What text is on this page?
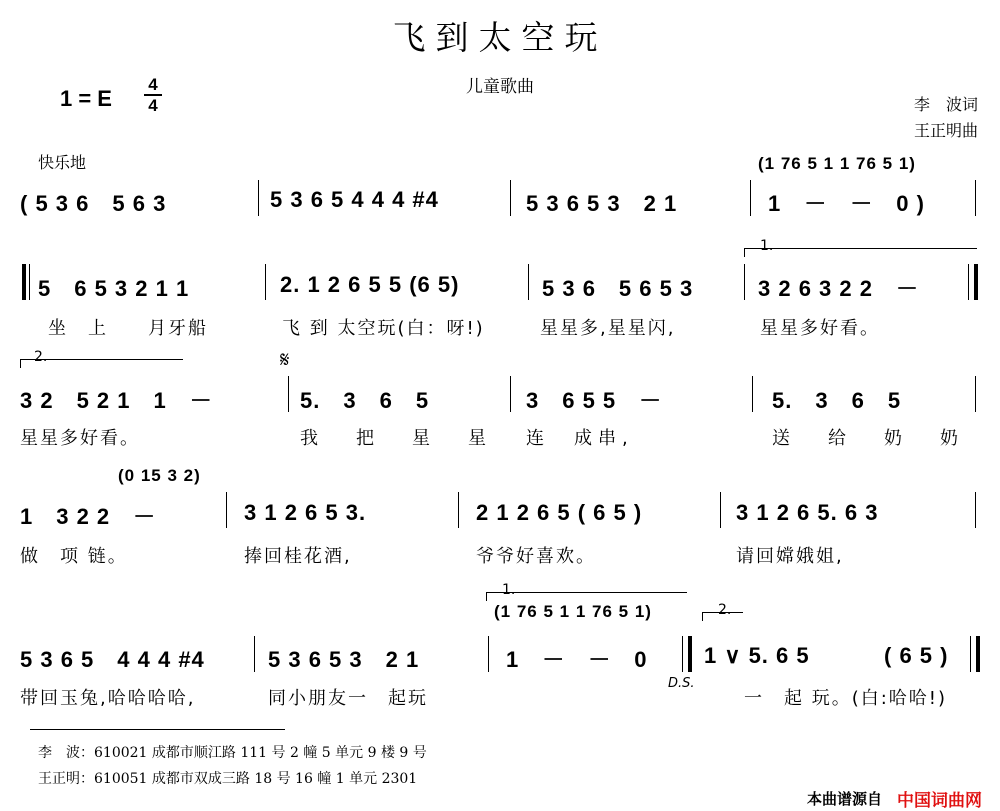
飞到太空玩
儿童歌曲
1 = E
4
4	李　波词
王正明曲
快乐地	(1 76 5 1 1 76 5 1)
( 5 3 6　5 6 3	5 3 6 5 4 4 4 #4	5 3 6 5 3　2 1	1　－　－　0 )
1.
5　6 5 3 2 1 1	2. 1 2 6 5 5 (6 5)	5 3 6　5 6 5 3	3 2 6 3 2 2　－
坐　上　　月牙船	飞 到 太空玩(白：呀!)	星星多,星星闪,	星星多好看。
2.	𝄋
3 2　5 2 1　1　－	5.　3　6　5	3　6 5 5　－	5.　3　6　5
星星多好看。	我　把　星　星 连　成串,	送　给　奶　奶
(0 15 3 2)
1　3 2 2　－	3 1 2 6 5 3.	2 1 2 6 5 ( 6 5 )	3 1 2 6 5. 6 3
做　项 链。	捧回桂花酒,	爷爷好喜欢。	请回嫦娥姐,
1.
2.
(1 76 5 1 1 76 5 1)
5 3 6 5　4 4 4 #4	5 3 6 5 3　2 1	1　－　－　0	1 ∨ 5. 6 5	( 6 5 )
D.S.
带回玉兔,哈哈哈哈,	同小朋友一　起玩	一　起 玩。(白:哈哈!)
李　波：610021 成都市顺江路 111 号 2 幢 5 单元 9 楼 9 号
王正明：610051 成都市双成三路 18 号 16 幢 1 单元 2301
本曲谱源自 中国词曲网
